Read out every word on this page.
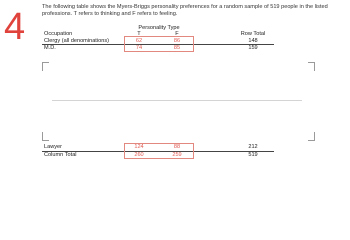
4	The following table shows the Myers-Briggs personality preferences for a random sample of 519 people in the listed professions. T refers to thinking and F refers to feeling.
Personality Type
Occupation	T	F	Row Total
Clergy (all denominations)	62	86	148
M.D.	74	85	159
Lawyer	124	88	212
Column Total	260	259	519
